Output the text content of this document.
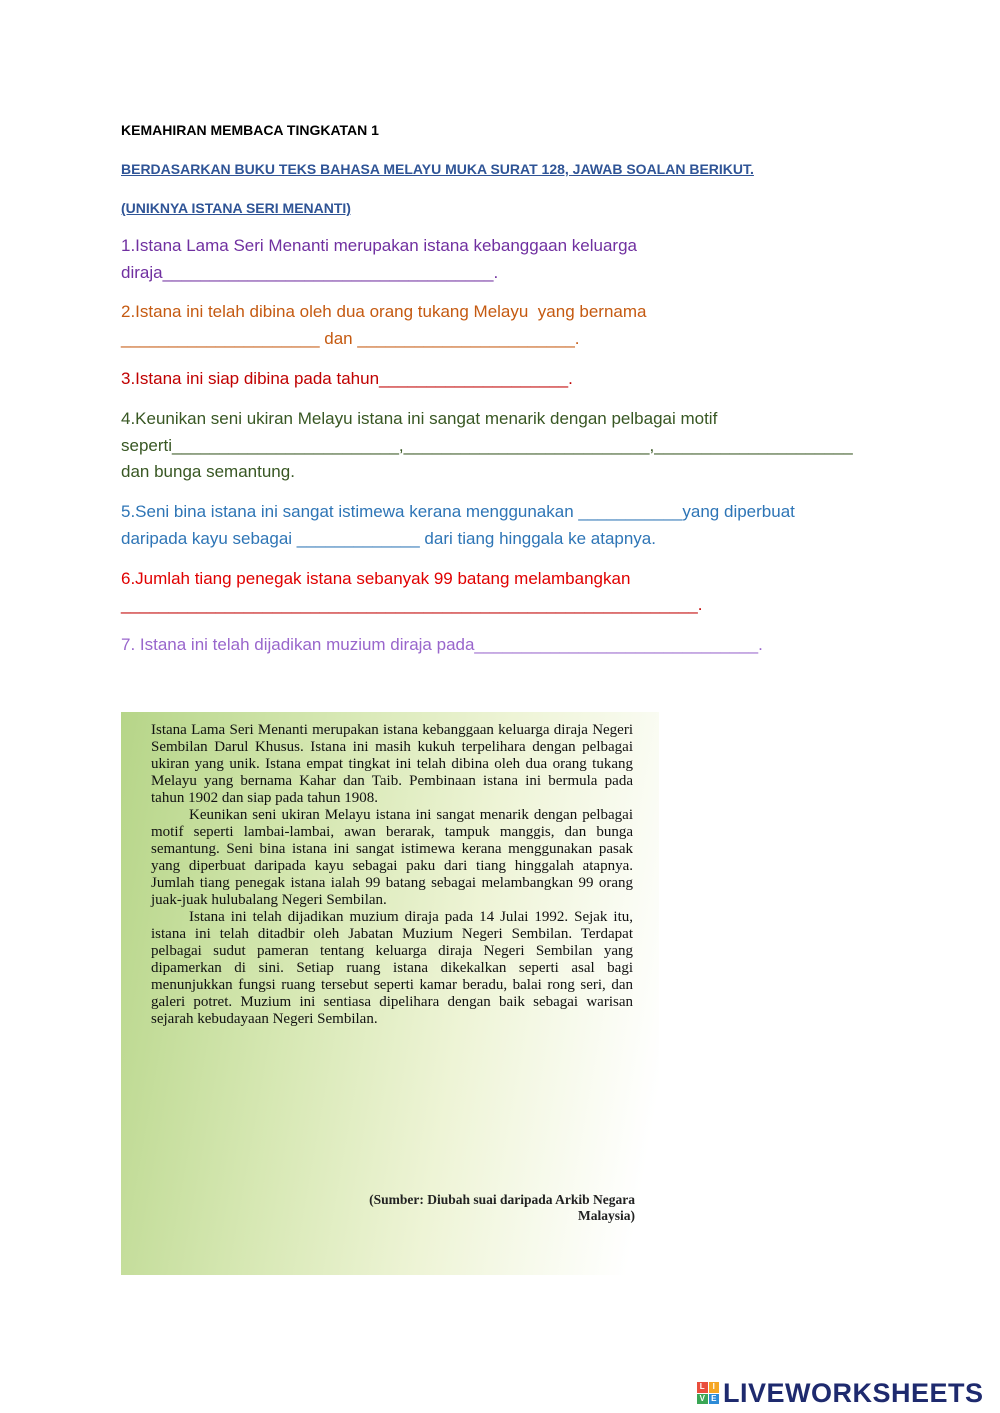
KEMAHIRAN MEMBACA TINGKATAN 1
BERDASARKAN BUKU TEKS BAHASA MELAYU MUKA SURAT 128, JAWAB SOALAN BERIKUT.
(UNIKNYA ISTANA SERI MENANTI)
1.Istana Lama Seri Menanti merupakan istana kebanggaan keluarga
diraja___________________________________.
2.Istana ini telah dibina oleh dua orang tukang Melayu  yang bernama
_____________________ dan _______________________.
3.Istana ini siap dibina pada tahun____________________.
4.Keunikan seni ukiran Melayu istana ini sangat menarik dengan pelbagai motif
seperti________________________,__________________________,_____________________
dan bunga semantung.
5.Seni bina istana ini sangat istimewa kerana menggunakan ___________yang diperbuat
daripada kayu sebagai _____________ dari tiang hinggala ke atapnya.
6.Jumlah tiang penegak istana sebanyak 99 batang melambangkan
_____________________________________________________________.
7. Istana ini telah dijadikan muzium diraja pada______________________________.

Istana Lama Seri Menanti merupakan istana kebanggaan keluarga diraja Negeri Sembilan Darul Khusus. Istana ini masih kukuh terpelihara dengan pelbagai ukiran yang unik. Istana empat tingkat ini telah dibina oleh dua orang tukang Melayu yang bernama Kahar dan Taib. Pembinaan istana ini bermula pada tahun 1902 dan siap pada tahun 1908.

Keunikan seni ukiran Melayu istana ini sangat menarik dengan pelbagai motif seperti lambai-lambai, awan berarak, tampuk manggis, dan bunga semantung. Seni bina istana ini sangat istimewa kerana menggunakan pasak yang diperbuat daripada kayu sebagai paku dari tiang hinggalah atapnya. Jumlah tiang penegak istana ialah 99 batang sebagai melambangkan 99 orang juak-juak hulubalang Negeri Sembilan.

Istana ini telah dijadikan muzium diraja pada 14 Julai 1992. Sejak itu, istana ini telah ditadbir oleh Jabatan Muzium Negeri Sembilan. Terdapat pelbagai sudut pameran tentang keluarga diraja Negeri Sembilan yang dipamerkan di sini. Setiap ruang istana dikekalkan seperti asal bagi menunjukkan fungsi ruang tersebut seperti kamar beradu, balai rong seri, dan galeri potret. Muzium ini sentiasa dipelihara dengan baik sebagai warisan sejarah kebudayaan Negeri Sembilan.

(Sumber: Diubah suai daripada Arkib Negara Malaysia)
L I
V E LIVEWORKSHEETS
